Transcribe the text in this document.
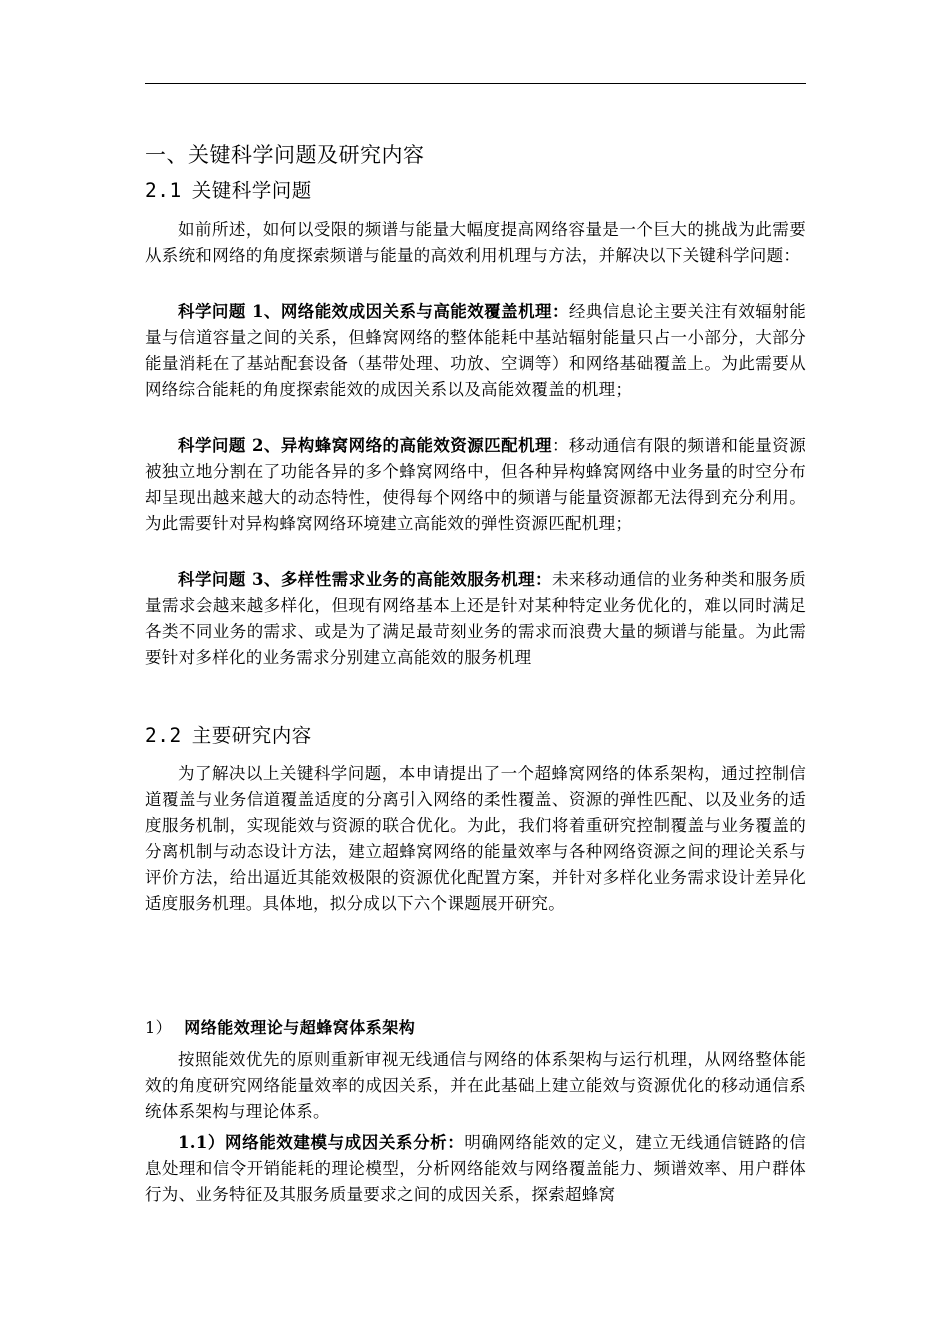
一、关键科学问题及研究内容
2.1 关键科学问题

如前所述，如何以受限的频谱与能量大幅度提高网络容量是一个巨大的挑战为此需要从系统和网络的角度探索频谱与能量的高效利用机理与方法，并解决以下关键科学问题：

科学问题 1、网络能效成因关系与高能效覆盖机理：经典信息论主要关注有效辐射能量与信道容量之间的关系，但蜂窝网络的整体能耗中基站辐射能量只占一小部分，大部分能量消耗在了基站配套设备（基带处理、功放、空调等）和网络基础覆盖上。为此需要从网络综合能耗的角度探索能效的成因关系以及高能效覆盖的机理；

科学问题 2、异构蜂窝网络的高能效资源匹配机理：移动通信有限的频谱和能量资源被独立地分割在了功能各异的多个蜂窝网络中，但各种异构蜂窝网络中业务量的时空分布却呈现出越来越大的动态特性，使得每个网络中的频谱与能量资源都无法得到充分利用。为此需要针对异构蜂窝网络环境建立高能效的弹性资源匹配机理；

科学问题 3、多样性需求业务的高能效服务机理：未来移动通信的业务种类和服务质量需求会越来越多样化，但现有网络基本上还是针对某种特定业务优化的，难以同时满足各类不同业务的需求、或是为了满足最苛刻业务的需求而浪费大量的频谱与能量。为此需要针对多样化的业务需求分别建立高能效的服务机理

2.2 主要研究内容

为了解决以上关键科学问题，本申请提出了一个超蜂窝网络的体系架构，通过控制信道覆盖与业务信道覆盖适度的分离引入网络的柔性覆盖、资源的弹性匹配、以及业务的适度服务机制，实现能效与资源的联合优化。为此，我们将着重研究控制覆盖与业务覆盖的分离机制与动态设计方法，建立超蜂窝网络的能量效率与各种网络资源之间的理论关系与评价方法，给出逼近其能效极限的资源优化配置方案，并针对多样化业务需求设计差异化适度服务机理。具体地，拟分成以下六个课题展开研究。

1） 网络能效理论与超蜂窝体系架构

按照能效优先的原则重新审视无线通信与网络的体系架构与运行机理，从网络整体能效的角度研究网络能量效率的成因关系，并在此基础上建立能效与资源优化的移动通信系统体系架构与理论体系。

1.1）网络能效建模与成因关系分析：明确网络能效的定义，建立无线通信链路的信息处理和信令开销能耗的理论模型，分析网络能效与网络覆盖能力、频谱效率、用户群体行为、业务特征及其服务质量要求之间的成因关系，探索超蜂窝
